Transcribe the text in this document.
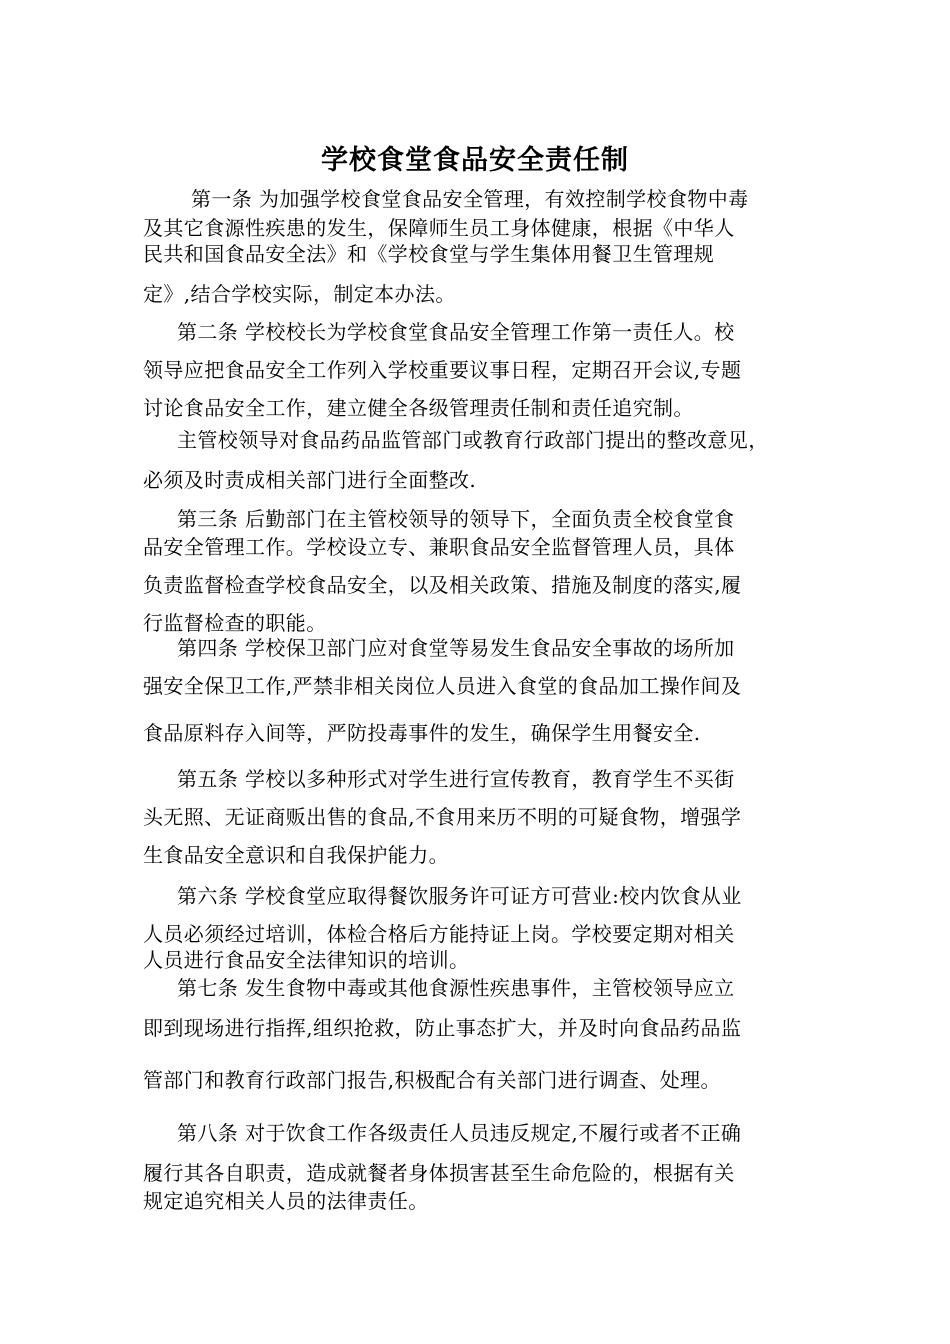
学校食堂食品安全责任制
第一条 为加强学校食堂食品安全管理，有效控制学校食物中毒
及其它食源性疾患的发生，保障师生员工身体健康，根据《中华人
民共和国食品安全法》和《学校食堂与学生集体用餐卫生管理规
定》,结合学校实际，制定本办法。
第二条 学校校长为学校食堂食品安全管理工作第一责任人。校
领导应把食品安全工作列入学校重要议事日程，定期召开会议,专题
讨论食品安全工作，建立健全各级管理责任制和责任追究制。
主管校领导对食品药品监管部门或教育行政部门提出的整改意见，
必须及时责成相关部门进行全面整改.
第三条 后勤部门在主管校领导的领导下，全面负责全校食堂食
品安全管理工作。学校设立专、兼职食品安全监督管理人员，具体
负责监督检查学校食品安全，以及相关政策、措施及制度的落实,履
行监督检查的职能。
第四条 学校保卫部门应对食堂等易发生食品安全事故的场所加
强安全保卫工作,严禁非相关岗位人员进入食堂的食品加工操作间及
食品原料存入间等，严防投毒事件的发生，确保学生用餐安全.
第五条 学校以多种形式对学生进行宣传教育，教育学生不买街
头无照、无证商贩出售的食品,不食用来历不明的可疑食物，增强学
生食品安全意识和自我保护能力。
第六条 学校食堂应取得餐饮服务许可证方可营业:校内饮食从业
人员必须经过培训，体检合格后方能持证上岗。学校要定期对相关
人员进行食品安全法律知识的培训。
第七条 发生食物中毒或其他食源性疾患事件，主管校领导应立
即到现场进行指挥,组织抢救，防止事态扩大，并及时向食品药品监
管部门和教育行政部门报告,积极配合有关部门进行调查、处理。
第八条 对于饮食工作各级责任人员违反规定,不履行或者不正确
履行其各自职责，造成就餐者身体损害甚至生命危险的，根据有关
规定追究相关人员的法律责任。
